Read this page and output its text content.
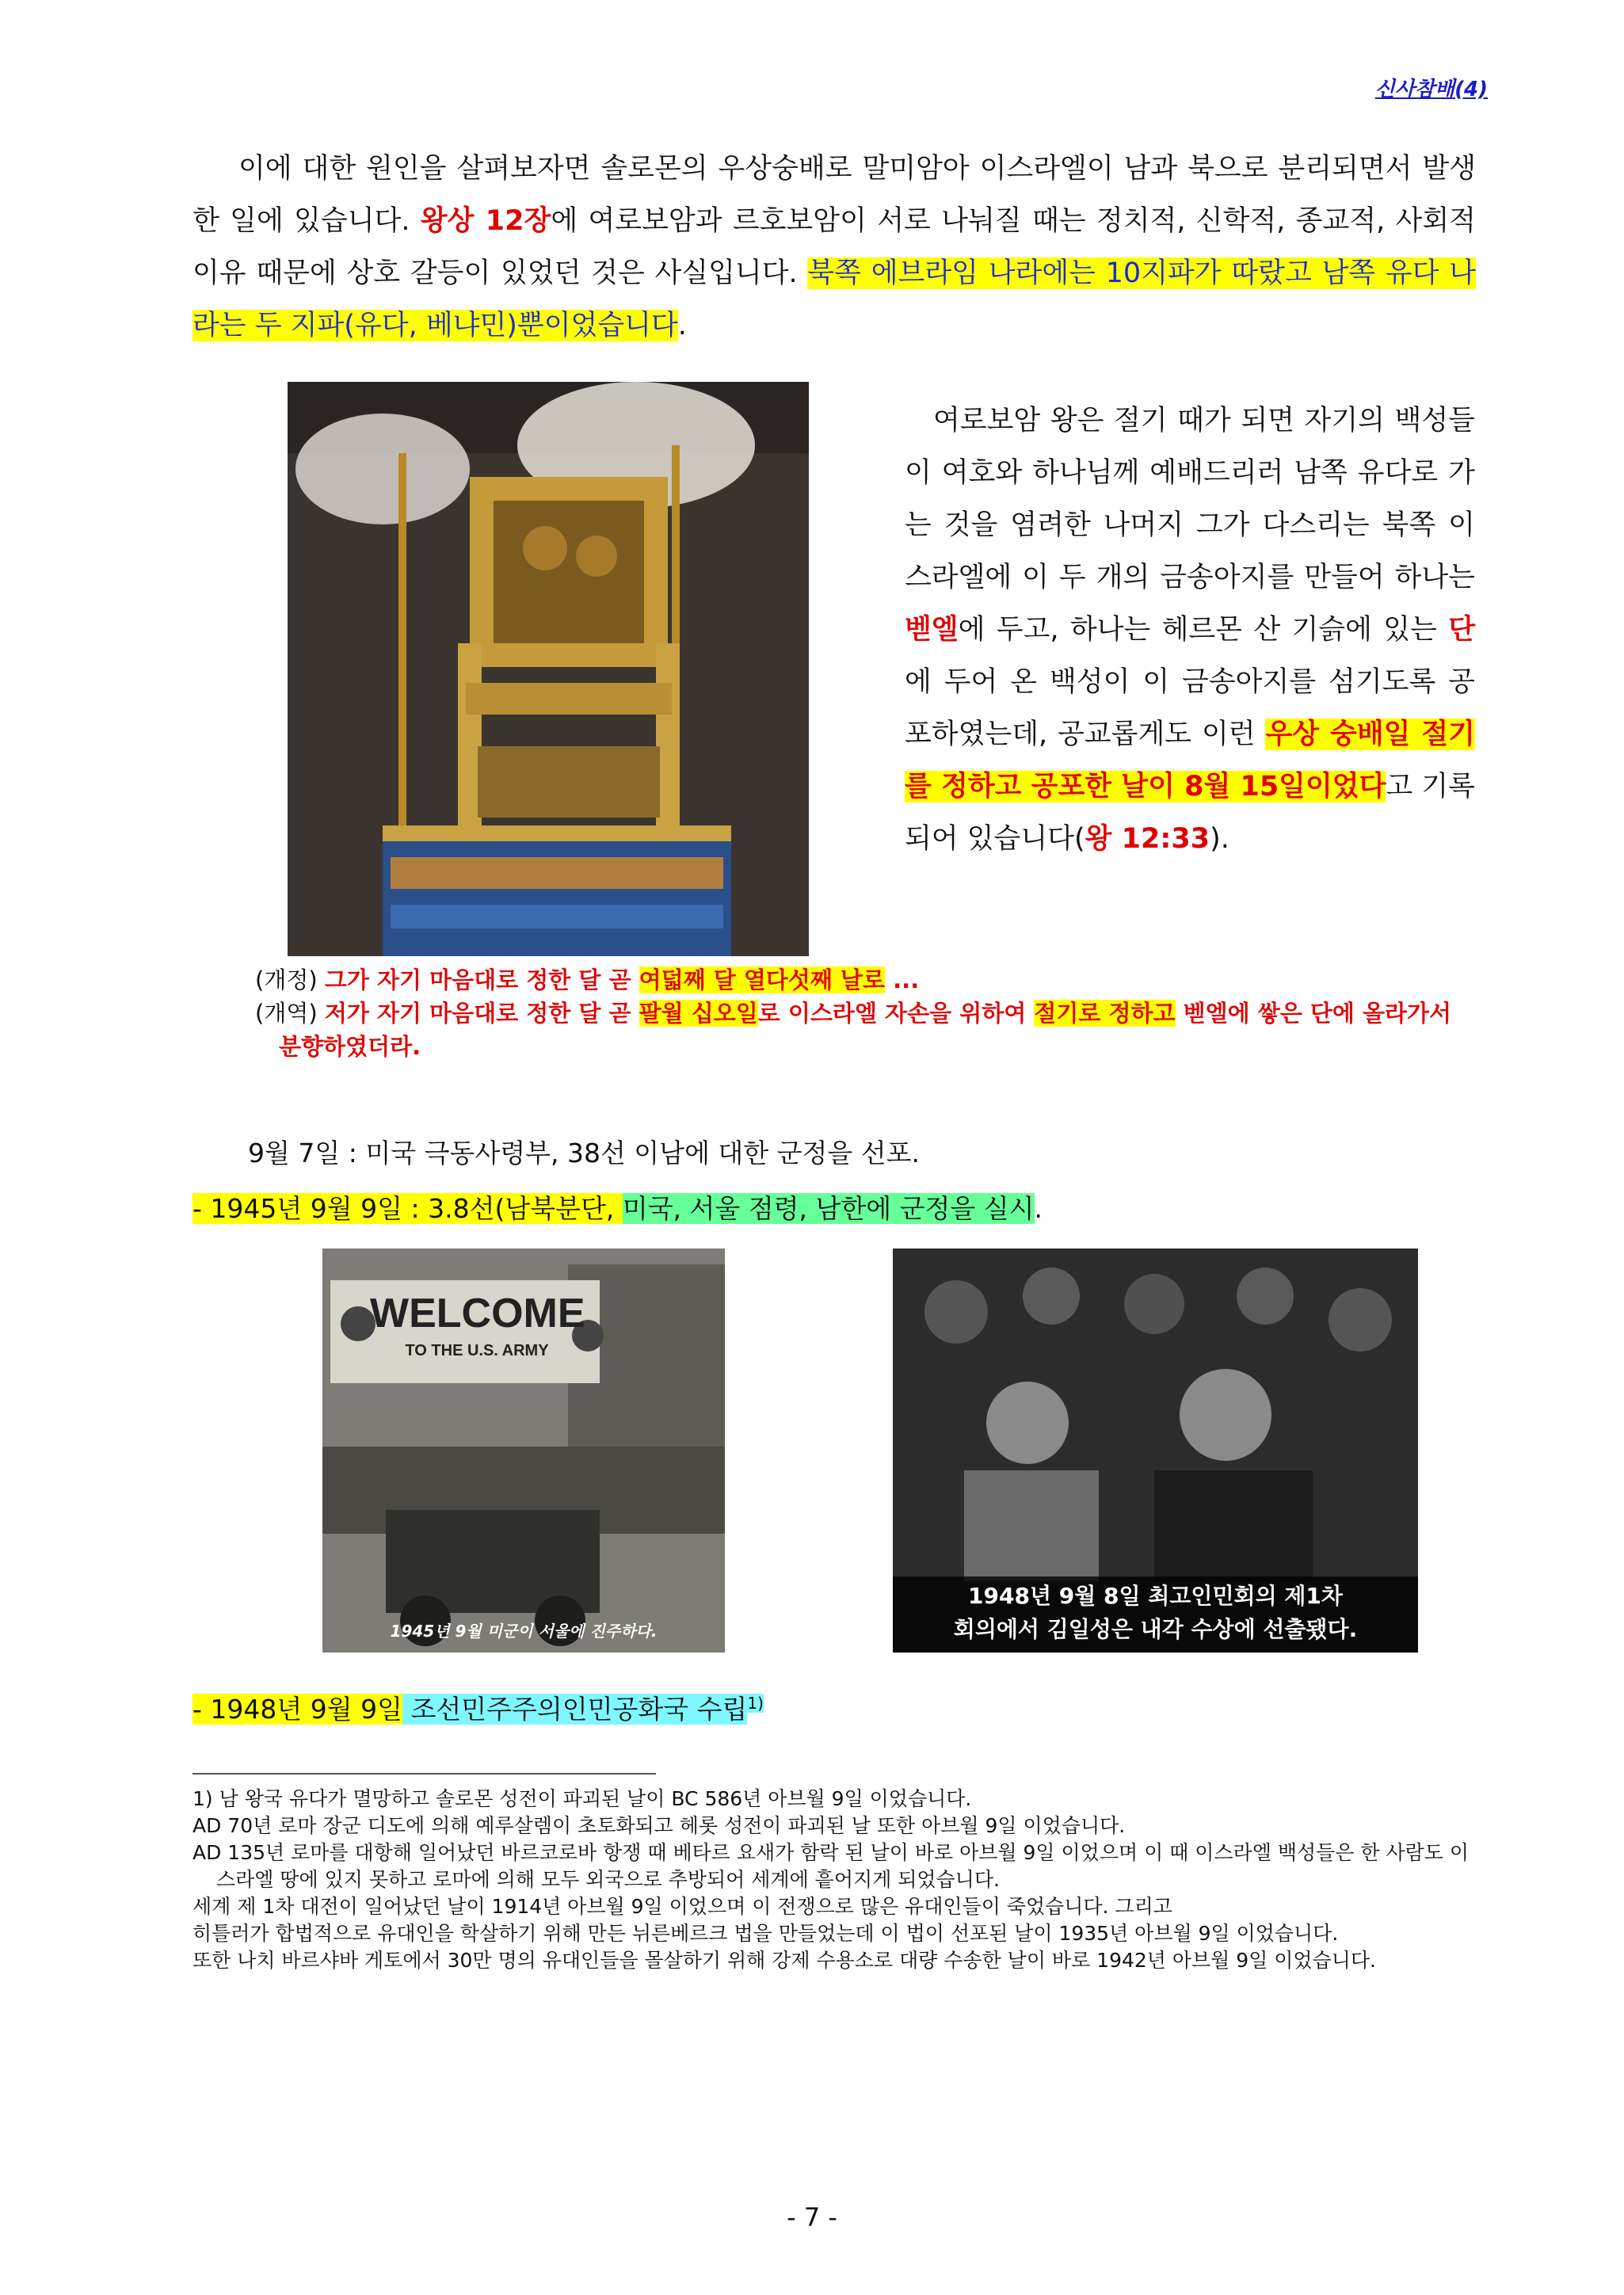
신사참배(4)
이에 대한 원인을 살펴보자면 솔로몬의 우상숭배로 말미암아 이스라엘이 남과 북으로 분리되면서 발생한 일에 있습니다. 왕상 12장에 여로보암과 르호보암이 서로 나눠질 때는 정치적, 신학적, 종교적, 사회적 이유 때문에 상호 갈등이 있었던 것은 사실입니다. 북쪽 에브라임 나라에는 10지파가 따랐고 남쪽 유다 나라는 두 지파(유다, 베냐민)뿐이었습니다.
여로보암 왕은 절기 때가 되면 자기의 백성들이 여호와 하나님께 예배드리러 남쪽 유다로 가는 것을 염려한 나머지 그가 다스리는 북쪽 이스라엘에 이 두 개의 금송아지를 만들어 하나는 벧엘에 두고, 하나는 헤르몬 산 기슭에 있는 단에 두어 온 백성이 이 금송아지를 섬기도록 공포하였는데, 공교롭게도 이런 우상 숭배일 절기를 정하고 공포한 날이 8월 15일이었다고 기록되어 있습니다(왕 12:33).
(개정) 그가 자기 마음대로 정한 달 곧 여덟째 달 열다섯째 날로 ...
(개역) 저가 자기 마음대로 정한 달 곧 팔월 십오일로 이스라엘 자손을 위하여 절기로 정하고 벧엘에 쌓은 단에 올라가서 분향하였더라.
9월 7일 : 미국 극동사령부, 38선 이남에 대한 군정을 선포.
- 1945년 9월 9일 : 3.8선(남북분단, 미국, 서울 점령, 남한에 군정을 실시.
WELCOME
TO THE U.S. ARMY
1945년 9월 미군이 서울에 진주하다.
1948년 9월 8일 최고인민회의 제1차
회의에서 김일성은 내각 수상에 선출됐다.
- 1948년 9월 9일 조선민주주의인민공화국 수립$^{1)}$

1) 남 왕국 유다가 멸망하고 솔로몬 성전이 파괴된 날이 BC 586년 아브월 9일 이었습니다.

AD 70년 로마 장군 디도에 의해 예루살렘이 초토화되고 헤롯 성전이 파괴된 날 또한 아브월 9일 이었습니다.

AD 135년 로마를 대항해 일어났던 바르코로바 항쟁 때 베타르 요새가 함락 된 날이 바로 아브월 9일 이었으며 이 때 이스라엘 백성들은 한 사람도 이스라엘 땅에 있지 못하고 로마에 의해 모두 외국으로 추방되어 세계에 흩어지게 되었습니다.

세계 제 1차 대전이 일어났던 날이 1914년 아브월 9일 이었으며 이 전쟁으로 많은 유대인들이 죽었습니다. 그리고

히틀러가 합법적으로 유대인을 학살하기 위해 만든 뉘른베르크 법을 만들었는데 이 법이 선포된 날이 1935년 아브월 9일 이었습니다.

또한 나치 바르샤바 게토에서 30만 명의 유대인들을 몰살하기 위해 강제 수용소로 대량 수송한 날이 바로 1942년 아브월 9일 이었습니다.

- 7 -
